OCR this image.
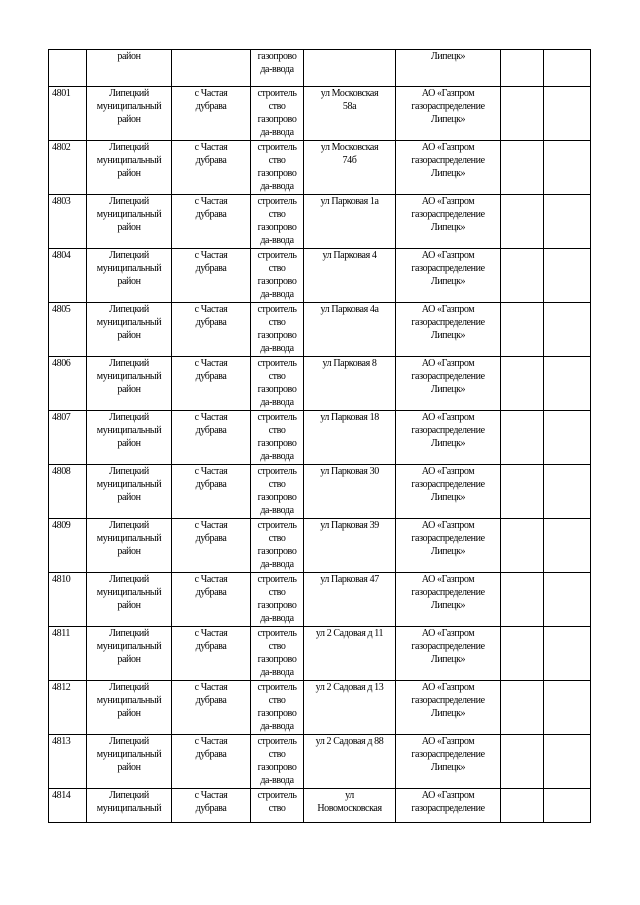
	район		газопрово
да-ввода		Липецк»		

4801	Липецкий
муниципальный
район	с Частая
дубрава	строитель
ство
газопрово
да-ввода	ул Московская
58а	АО «Газпром
газораспределение
Липецк»		

4802	Липецкий
муниципальный
район	с Частая
дубрава	строитель
ство
газопрово
да-ввода	ул Московская
74б	АО «Газпром
газораспределение
Липецк»		

4803	Липецкий
муниципальный
район	с Частая
дубрава	строитель
ство
газопрово
да-ввода	ул Парковая 1а	АО «Газпром
газораспределение
Липецк»		

4804	Липецкий
муниципальный
район	с Частая
дубрава	строитель
ство
газопрово
да-ввода	ул Парковая 4	АО «Газпром
газораспределение
Липецк»		

4805	Липецкий
муниципальный
район	с Частая
дубрава	строитель
ство
газопрово
да-ввода	ул Парковая 4а	АО «Газпром
газораспределение
Липецк»		

4806	Липецкий
муниципальный
район	с Частая
дубрава	строитель
ство
газопрово
да-ввода	ул Парковая 8	АО «Газпром
газораспределение
Липецк»		

4807	Липецкий
муниципальный
район	с Частая
дубрава	строитель
ство
газопрово
да-ввода	ул Парковая 18	АО «Газпром
газораспределение
Липецк»		

4808	Липецкий
муниципальный
район	с Частая
дубрава	строитель
ство
газопрово
да-ввода	ул Парковая 30	АО «Газпром
газораспределение
Липецк»		

4809	Липецкий
муниципальный
район	с Частая
дубрава	строитель
ство
газопрово
да-ввода	ул Парковая 39	АО «Газпром
газораспределение
Липецк»		

4810	Липецкий
муниципальный
район	с Частая
дубрава	строитель
ство
газопрово
да-ввода	ул Парковая 47	АО «Газпром
газораспределение
Липецк»		

4811	Липецкий
муниципальный
район	с Частая
дубрава	строитель
ство
газопрово
да-ввода	ул 2 Садовая д 11	АО «Газпром
газораспределение
Липецк»		

4812	Липецкий
муниципальный
район	с Частая
дубрава	строитель
ство
газопрово
да-ввода	ул 2 Садовая д 13	АО «Газпром
газораспределение
Липецк»		

4813	Липецкий
муниципальный
район	с Частая
дубрава	строитель
ство
газопрово
да-ввода	ул 2 Садовая д 88	АО «Газпром
газораспределение
Липецк»		

4814	Липецкий
муниципальный	с Частая
дубрава	строитель
ство	ул
Новомосковская	АО «Газпром
газораспределение		
